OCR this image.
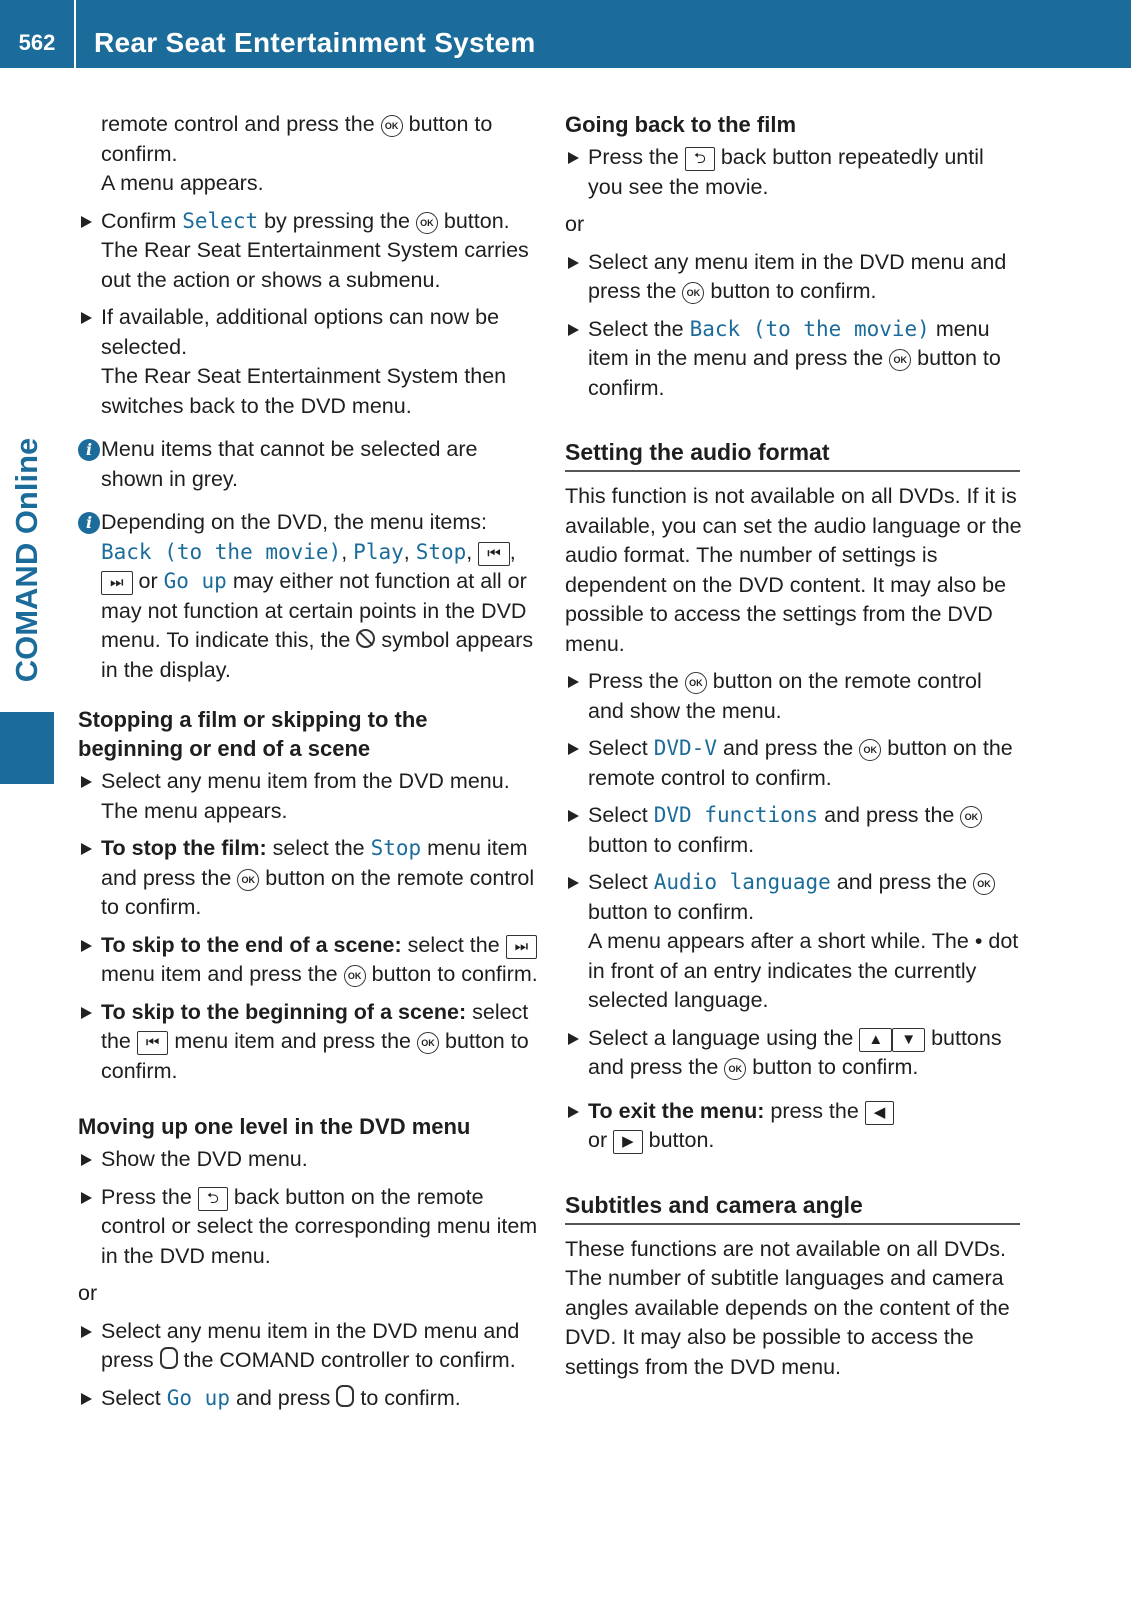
562	Rear Seat Entertainment System
COMAND Online

remote control and press the OK button to confirm.
A menu appears.

Confirm Select by pressing the OK button.
The Rear Seat Entertainment System carries out the action or shows a submenu.
If available, additional options can now be selected.
The Rear Seat Entertainment System then switches back to the DVD menu.
i Menu items that cannot be selected are shown in grey.
i Depending on the DVD, the menu items: Back (to the movie), Play, Stop, ⏮ , ⏭ or Go up may either not function at all or may not function at certain points in the DVD menu. To indicate this, the symbol appears in the display.
Stopping a film or skipping to the beginning or end of a scene
Select any menu item from the DVD menu.
The menu appears.
To stop the film: select the Stop menu item and press the OK button on the remote control to confirm.
To skip to the end of a scene: select the ⏭ menu item and press the OK button to confirm.
To skip to the beginning of a scene: select the ⏮ menu item and press the OK button to confirm.
Moving up one level in the DVD menu
Show the DVD menu.
Press the ⮌ back button on the remote control or select the corresponding menu item in the DVD menu.

or

Select any menu item in the DVD menu and press the COMAND controller to confirm.
Select Go up and press to confirm.
Going back to the film
Press the ⮌ back button repeatedly until you see the movie.

or

Select any menu item in the DVD menu and press the OK button to confirm.
Select the Back (to the movie) menu item in the menu and press the OK button to confirm.
Setting the audio format

This function is not available on all DVDs. If it is available, you can set the audio language or the audio format. The number of settings is dependent on the DVD content. It may also be possible to access the settings from the DVD menu.

Press the OK button on the remote control and show the menu.
Select DVD-V and press the OK button on the remote control to confirm.
Select DVD functions and press the OK button to confirm.
Select Audio language and press the OK button to confirm.
A menu appears after a short while. The • dot in front of an entry indicates the currently selected language.
Select a language using the ▲ ▼ buttons and press the OK button to confirm.
To exit the menu: press the ◀
or ▶ button.
Subtitles and camera angle

These functions are not available on all DVDs. The number of subtitle languages and camera angles available depends on the content of the DVD. It may also be possible to access the settings from the DVD menu.
